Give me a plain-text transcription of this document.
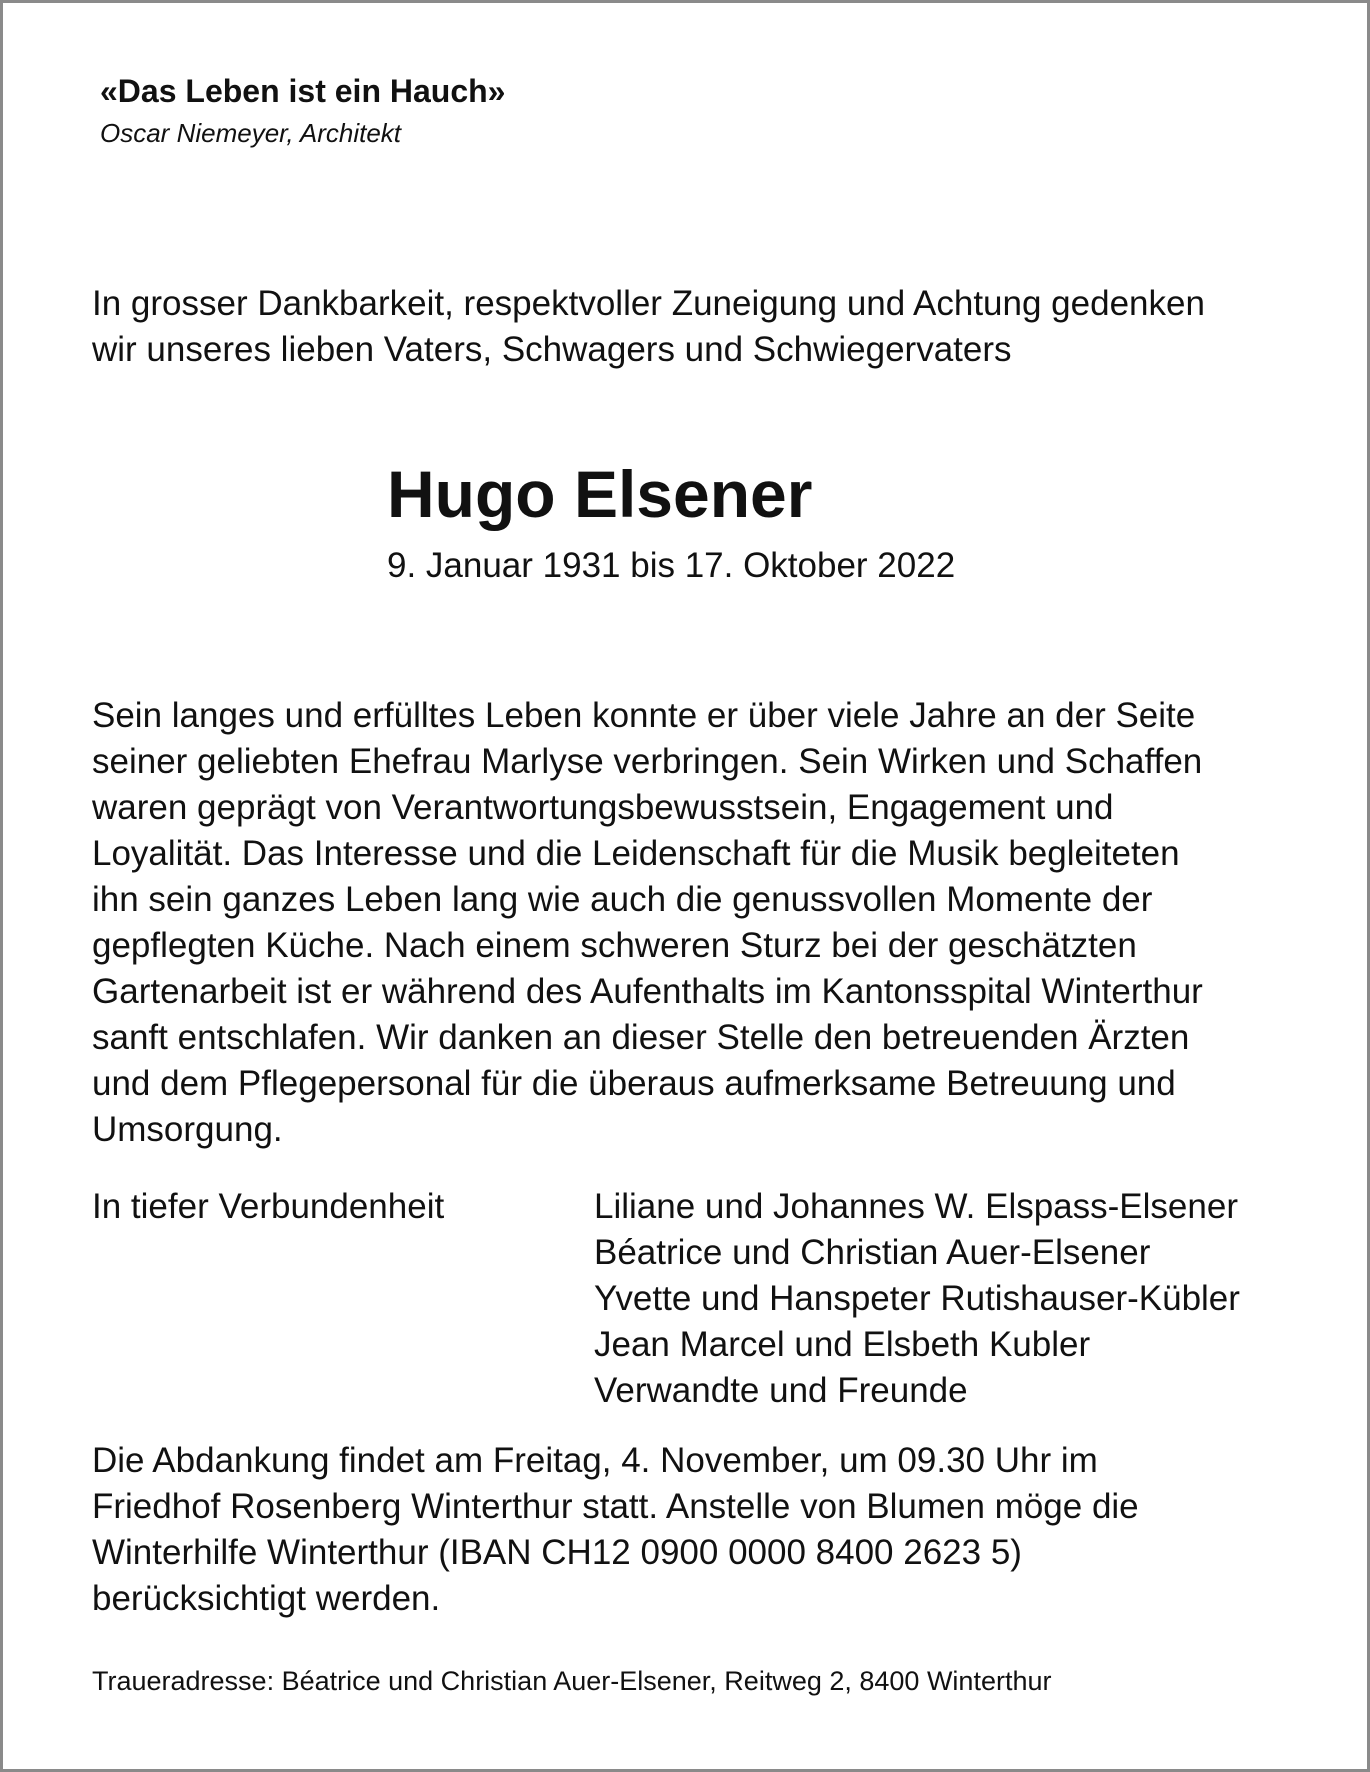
«Das Leben ist ein Hauch»
Oscar Niemeyer, Architekt
In grosser Dankbarkeit, respektvoller Zuneigung und Achtung gedenken
wir unseres lieben Vaters, Schwagers und Schwiegervaters
Hugo Elsener
9. Januar 1931 bis 17. Oktober 2022
Sein langes und erfülltes Leben konnte er über viele Jahre an der Seite
seiner geliebten Ehefrau Marlyse verbringen. Sein Wirken und Schaffen
waren geprägt von Verantwortungsbewusstsein, Engagement und
Loyalität. Das Interesse und die Leidenschaft für die Musik begleiteten
ihn sein ganzes Leben lang wie auch die genussvollen Momente der
gepflegten Küche. Nach einem schweren Sturz bei der geschätzten
Gartenarbeit ist er während des Aufenthalts im Kantonsspital Winterthur
sanft entschlafen. Wir danken an dieser Stelle den betreuenden Ärzten
und dem Pflegepersonal für die überaus aufmerksame Betreuung und
Umsorgung.
In tiefer Verbundenheit	Liliane und Johannes W. Elspass-Elsener
Béatrice und Christian Auer-Elsener
Yvette und Hanspeter Rutishauser-Kübler
Jean Marcel und Elsbeth Kubler
Verwandte und Freunde
Die Abdankung findet am Freitag, 4. November, um 09.30 Uhr im
Friedhof Rosenberg Winterthur statt. Anstelle von Blumen möge die
Winterhilfe Winterthur (IBAN CH12 0900 0000 8400 2623 5)
berücksichtigt werden.
Traueradresse: Béatrice und Christian Auer-Elsener, Reitweg 2, 8400 Winterthur
